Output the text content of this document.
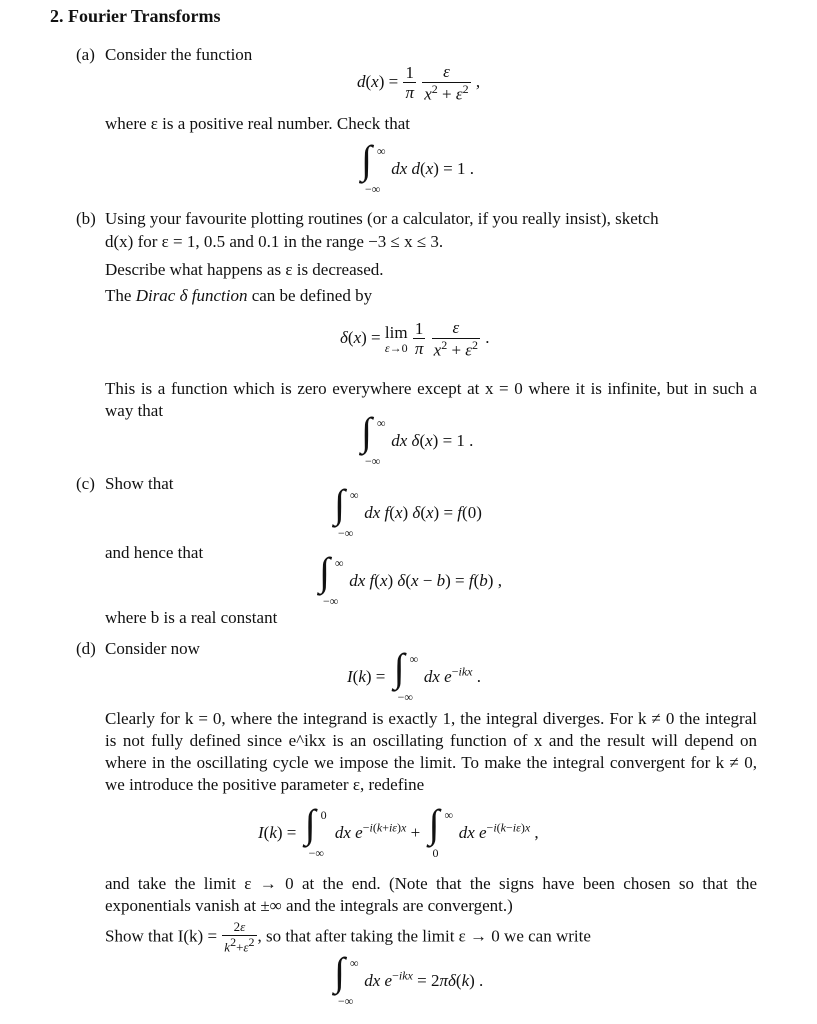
2. Fourier Transforms
(a) Consider the function
$d(x) = \frac{1}{\pi}$
$\frac{\varepsilon}{x^2 + \varepsilon^2}$ ,
where ε is a positive real number. Check that
∫ ∞
−∞
dx d(x) = 1 .
(b) Using your favourite plotting routines (or a calculator, if you really insist), sketch
d(x) for ε = 1, 0.5 and 0.1 in the range −3 ≤ x ≤ 3.
Describe what happens as ε is decreased.
The Dirac δ function can be defined by
δ(x) = lim
ε→0
$\frac{1}{\pi}$
$\frac{\varepsilon}{x^2 + \varepsilon^2}$ .
This is a function which is zero everywhere except at x = 0 where it is infinite, but in such a way that	∫ ∞
−∞
dx δ(x) = 1 .
(c) Show that	∫ ∞
−∞
dx f(x) δ(x) = f(0)
and hence that	∫ ∞
−∞
dx f(x) δ(x − b) = f(b) ,
where b is a real constant
(d) Consider now
I(k) = ∫ ∞
−∞
dx $e^{-ikx}$ .
Clearly for k = 0, where the integrand is exactly 1, the integral diverges. For k ≠ 0 the integral is not fully defined since e^ikx is an oscillating function of x and the result will depend on where in the oscillating cycle we impose the limit. To make the integral convergent for k ≠ 0, we introduce the positive parameter ε, redefine
I(k) = ∫ 0
−∞
dx $e^{-i(k+i\varepsilon)x}$ + ∫ ∞
0
dx $e^{-i(k-i\varepsilon)x}$ ,
and take the limit ε → 0 at the end. (Note that the signs have been chosen so that the exponentials vanish at ±∞ and the integrals are convergent.)
Show that $I(k) = \frac{2\varepsilon}{k^2+\varepsilon^2}$ , so that after taking the limit ε → 0 we can write
∫ ∞
−∞
dx $e^{-ikx} = 2\pi\delta(k)$ .
